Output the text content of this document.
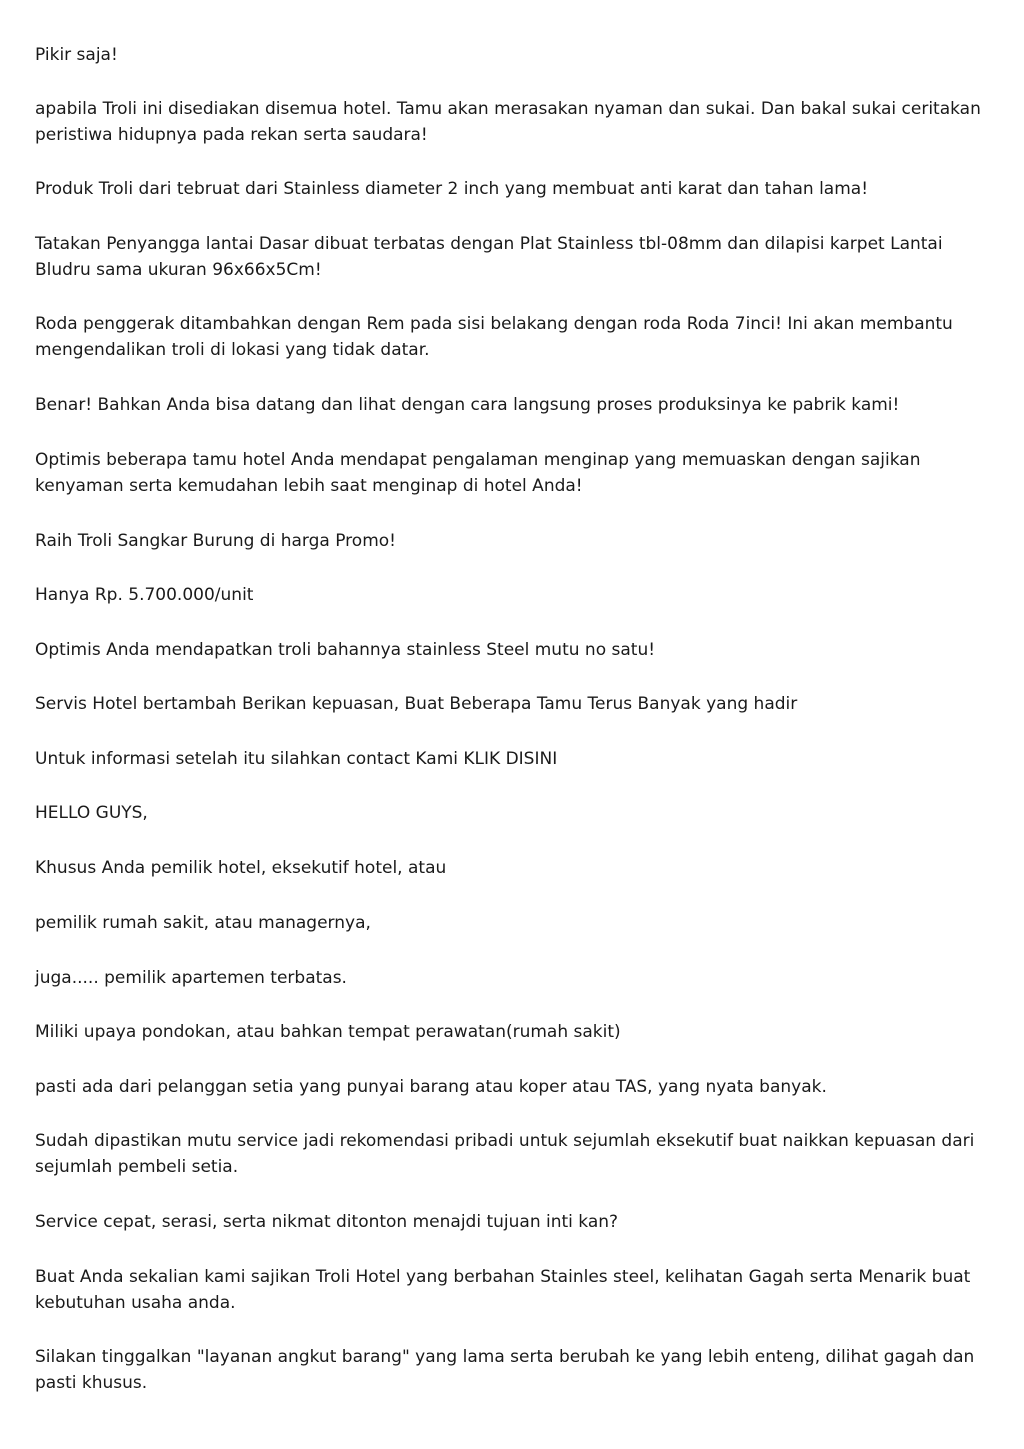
Pikir saja!

apabila Troli ini disediakan disemua hotel. Tamu akan merasakan nyaman dan sukai. Dan bakal sukai ceritakan peristiwa hidupnya pada rekan serta saudara!

Produk Troli dari tebruat dari Stainless diameter 2 inch yang membuat anti karat dan tahan lama!

Tatakan Penyangga lantai Dasar dibuat terbatas dengan Plat Stainless tbl-08mm dan dilapisi karpet Lantai Bludru sama ukuran 96x66x5Cm!

Roda penggerak ditambahkan dengan Rem pada sisi belakang dengan roda Roda 7inci! Ini akan membantu mengendalikan troli di lokasi yang tidak datar.

Benar! Bahkan Anda bisa datang dan lihat dengan cara langsung proses produksinya ke pabrik kami!

Optimis beberapa tamu hotel Anda mendapat pengalaman menginap yang memuaskan dengan sajikan kenyaman serta kemudahan lebih saat menginap di hotel Anda!

Raih Troli Sangkar Burung di harga Promo!

Hanya Rp. 5.700.000/unit

Optimis Anda mendapatkan troli bahannya stainless Steel mutu no satu!

Servis Hotel bertambah Berikan kepuasan, Buat Beberapa Tamu Terus Banyak yang hadir

Untuk informasi setelah itu silahkan contact Kami KLIK DISINI

HELLO GUYS,

Khusus Anda pemilik hotel, eksekutif hotel, atau

pemilik rumah sakit, atau managernya,

juga..... pemilik apartemen terbatas.

Miliki upaya pondokan, atau bahkan tempat perawatan(rumah sakit)

pasti ada dari pelanggan setia yang punyai barang atau koper atau TAS, yang nyata banyak.

Sudah dipastikan mutu service jadi rekomendasi pribadi untuk sejumlah eksekutif buat naikkan kepuasan dari sejumlah pembeli setia.

Service cepat, serasi, serta nikmat ditonton menajdi tujuan inti kan?

Buat Anda sekalian kami sajikan Troli Hotel yang berbahan Stainles steel, kelihatan Gagah serta Menarik buat kebutuhan usaha anda.

Silakan tinggalkan "layanan angkut barang" yang lama serta berubah ke yang lebih enteng, dilihat gagah dan pasti khusus.
